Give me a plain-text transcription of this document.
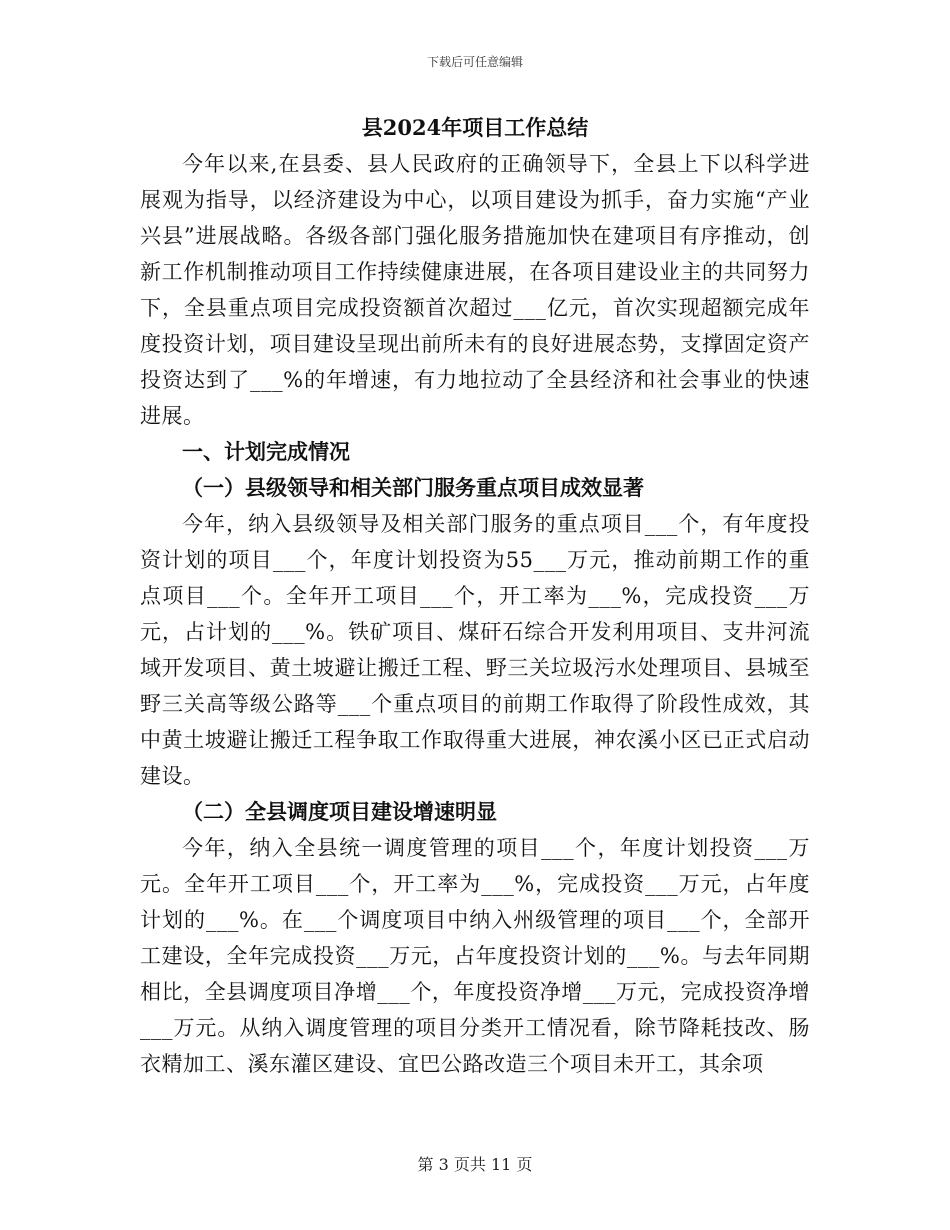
下载后可任意编辑
县2024年项目工作总结

今年以来,在县委、县人民政府的正确领导下，全县上下以科学进展观为指导，以经济建设为中心，以项目建设为抓手，奋力实施“产业兴县”进展战略。各级各部门强化服务措施加快在建项目有序推动，创新工作机制推动项目工作持续健康进展，在各项目建设业主的共同努力下，全县重点项目完成投资额首次超过___亿元，首次实现超额完成年度投资计划，项目建设呈现出前所未有的良好进展态势，支撑固定资产投资达到了___%的年增速，有力地拉动了全县经济和社会事业的快速进展。

一、计划完成情况

（一）县级领导和相关部门服务重点项目成效显著

今年，纳入县级领导及相关部门服务的重点项目___个，有年度投资计划的项目___个，年度计划投资为55___万元，推动前期工作的重点项目___个。全年开工项目___个，开工率为___%，完成投资___万元，占计划的___%。铁矿项目、煤矸石综合开发利用项目、支井河流域开发项目、黄土坡避让搬迁工程、野三关垃圾污水处理项目、县城至野三关高等级公路等___个重点项目的前期工作取得了阶段性成效，其中黄土坡避让搬迁工程争取工作取得重大进展，神农溪小区已正式启动建设。

（二）全县调度项目建设增速明显

今年，纳入全县统一调度管理的项目___个，年度计划投资___万元。全年开工项目___个，开工率为___%，完成投资___万元，占年度计划的___%。在___个调度项目中纳入州级管理的项目___个，全部开工建设，全年完成投资___万元，占年度投资计划的___%。与去年同期相比，全县调度项目净增___个，年度投资净增___万元，完成投资净增___万元。从纳入调度管理的项目分类开工情况看，除节降耗技改、肠衣精加工、溪东灌区建设、宜巴公路改造三个项目未开工，其余项

第 3 页共 11 页
